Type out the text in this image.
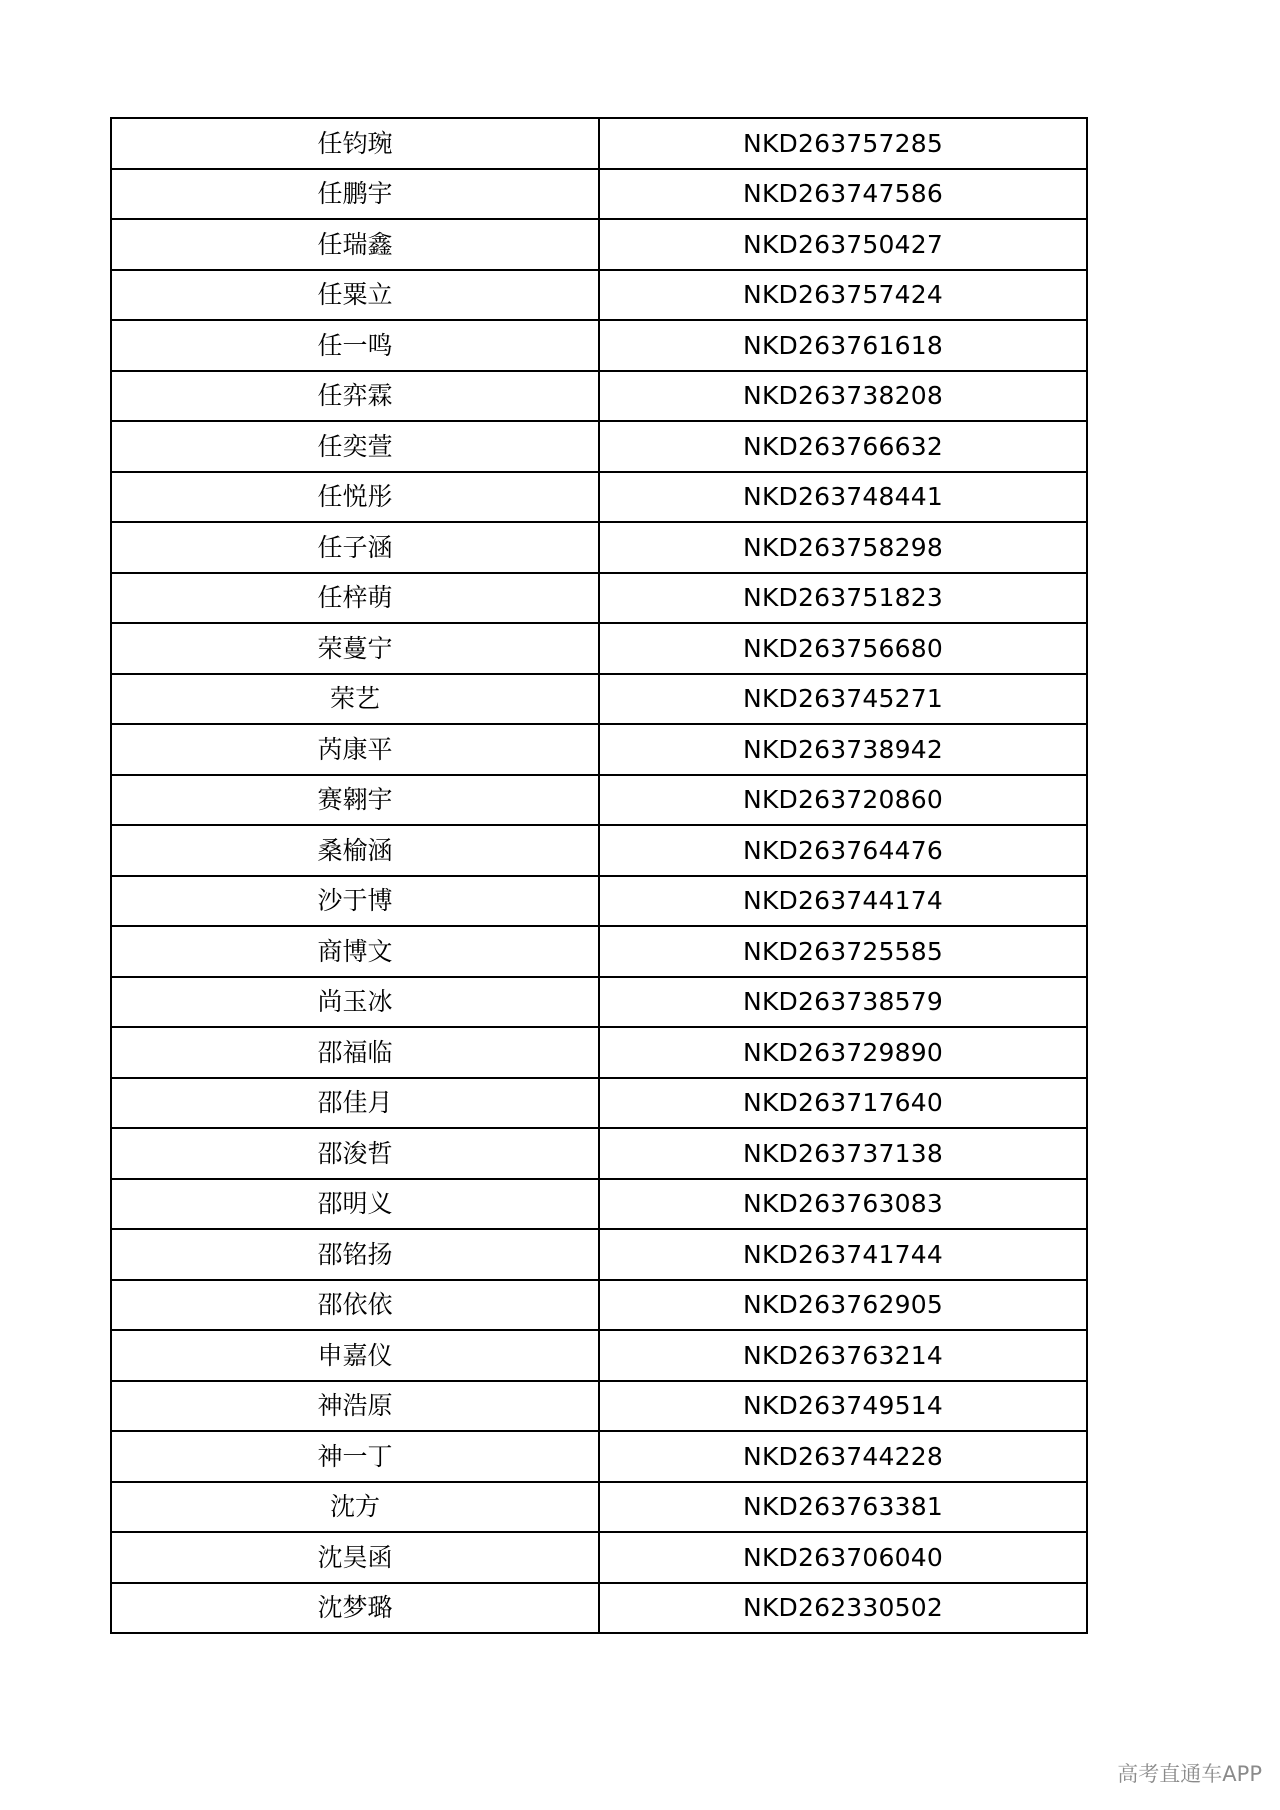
任钧琬	NKD263757285
任鹏宇	NKD263747586
任瑞鑫	NKD263750427
任粟立	NKD263757424
任一鸣	NKD263761618
任弈霖	NKD263738208
任奕萱	NKD263766632
任悦彤	NKD263748441
任子涵	NKD263758298
任梓萌	NKD263751823
荣蔓宁	NKD263756680
荣艺	NKD263745271
芮康平	NKD263738942
赛翱宇	NKD263720860
桑榆涵	NKD263764476
沙于博	NKD263744174
商博文	NKD263725585
尚玉冰	NKD263738579
邵福临	NKD263729890
邵佳月	NKD263717640
邵浚哲	NKD263737138
邵明义	NKD263763083
邵铭扬	NKD263741744
邵依依	NKD263762905
申嘉仪	NKD263763214
神浩原	NKD263749514
神一丁	NKD263744228
沈方	NKD263763381
沈昊函	NKD263706040
沈梦璐	NKD262330502
高考直通车APP
